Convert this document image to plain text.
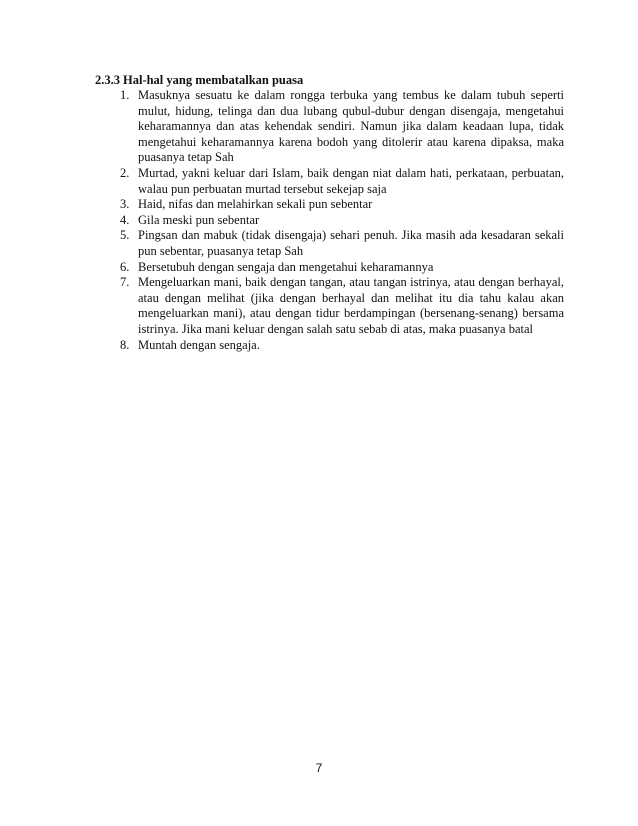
2.3.3 Hal-hal yang membatalkan puasa
1. Masuknya sesuatu ke dalam rongga terbuka yang tembus ke dalam tubuh seperti mulut, hidung, telinga dan dua lubang qubul-dubur dengan disengaja, mengetahui keharamannya dan atas kehendak sendiri. Namun jika dalam keadaan lupa, tidak mengetahui keharamannya karena bodoh yang ditolerir atau karena dipaksa, maka puasanya tetap Sah
2. Murtad, yakni keluar dari Islam, baik dengan niat dalam hati, perkataan, perbuatan, walau pun perbuatan murtad tersebut sekejap saja
3. Haid, nifas dan melahirkan sekali pun sebentar
4. Gila meski pun sebentar
5. Pingsan dan mabuk (tidak disengaja) sehari penuh. Jika masih ada kesadaran sekali pun sebentar, puasanya tetap Sah
6. Bersetubuh dengan sengaja dan mengetahui keharamannya
7. Mengeluarkan mani, baik dengan tangan, atau tangan istrinya, atau dengan berhayal, atau dengan melihat (jika dengan berhayal dan melihat itu dia tahu kalau akan mengeluarkan mani), atau dengan tidur berdampingan (bersenang-senang) bersama istrinya. Jika mani keluar dengan salah satu sebab di atas, maka puasanya batal
8. Muntah dengan sengaja.
7
